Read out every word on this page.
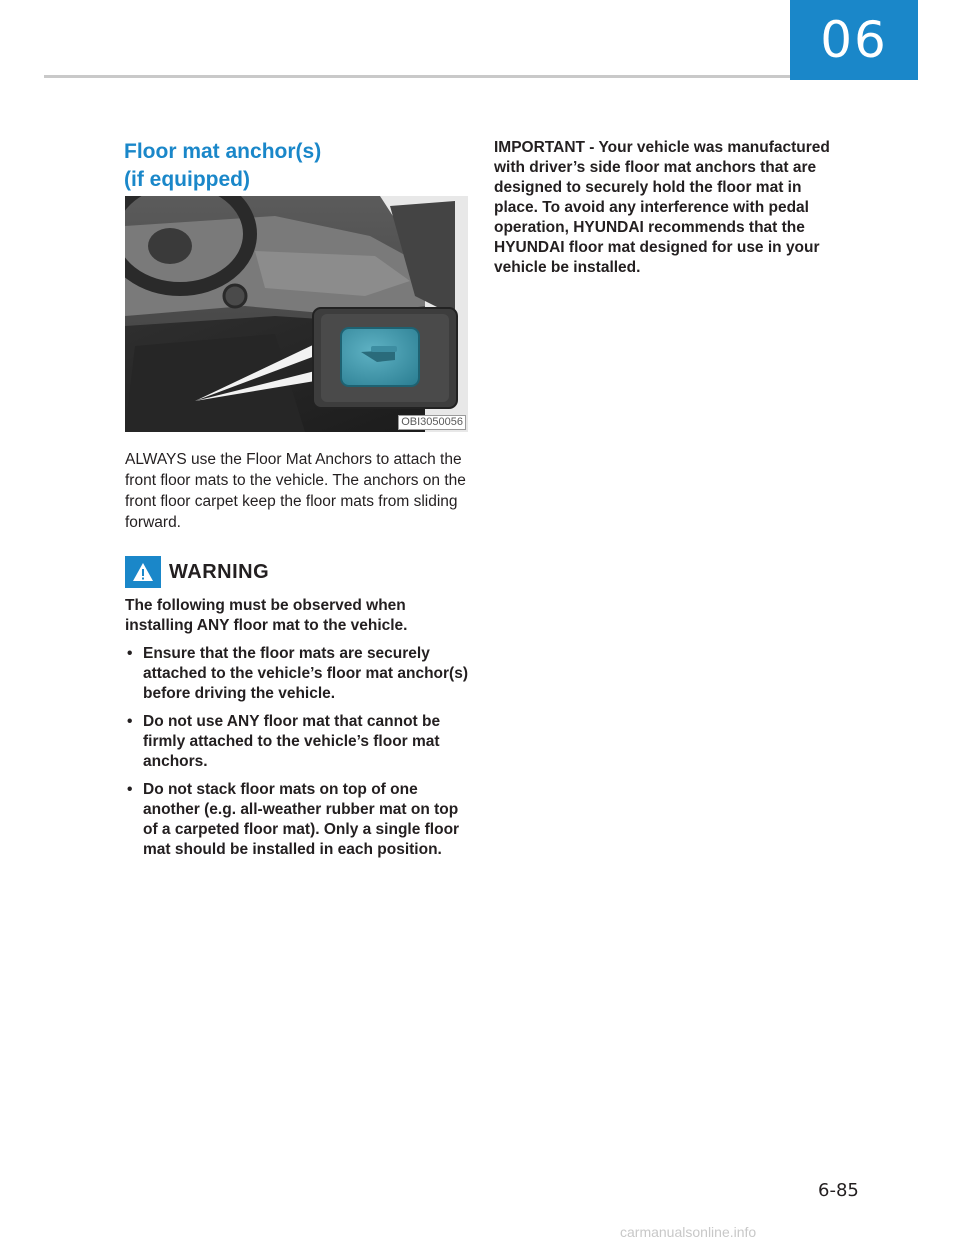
06
Floor mat anchor(s)
(if equipped)
OBI3050056

ALWAYS use the Floor Mat Anchors to attach the front floor mats to the vehicle. The anchors on the front floor carpet keep the floor mats from sliding forward.

WARNING

The following must be observed when installing ANY floor mat to the vehicle.

• Ensure that the floor mats are securely attached to the vehicle’s floor mat anchor(s) before driving the vehicle.
• Do not use ANY floor mat that cannot be firmly attached to the vehicle’s floor mat anchors.
• Do not stack floor mats on top of one another (e.g. all-weather rubber mat on top of a carpeted floor mat). Only a single floor mat should be installed in each position.

IMPORTANT - Your vehicle was manufactured with driver’s side floor mat anchors that are designed to securely hold the floor mat in place. To avoid any interference with pedal operation, HYUNDAI recommends that the HYUNDAI floor mat designed for use in your vehicle be installed.

6-85
carmanualsonline.info
